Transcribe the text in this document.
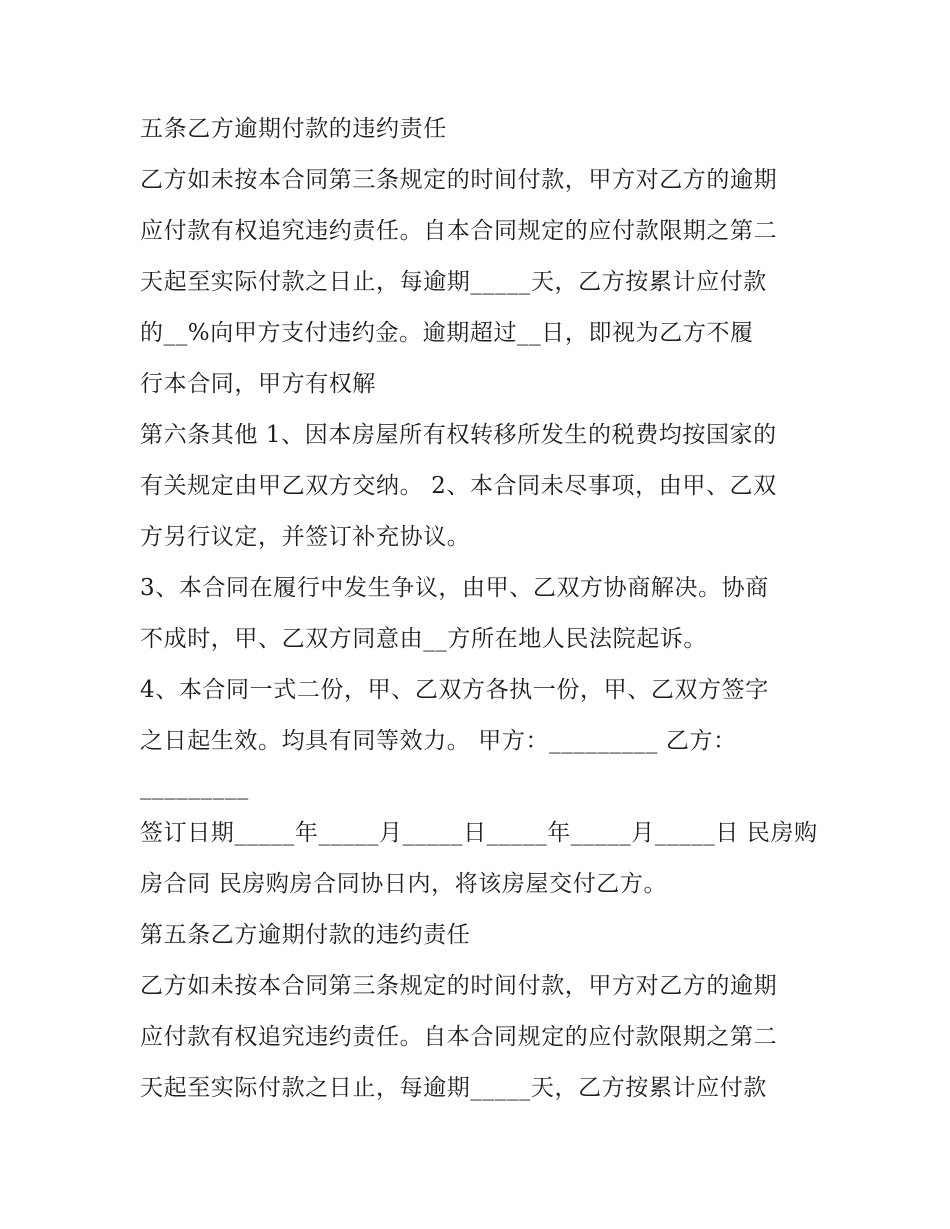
五条乙方逾期付款的违约责任
乙方如未按本合同第三条规定的时间付款，甲方对乙方的逾期
应付款有权追究违约责任。自本合同规定的应付款限期之第二
天起至实际付款之日止，每逾期_____天，乙方按累计应付款
的__%向甲方支付违约金。逾期超过__日，即视为乙方不履
行本合同，甲方有权解
第六条其他 1、因本房屋所有权转移所发生的税费均按国家的
有关规定由甲乙双方交纳。 2、本合同未尽事项，由甲、乙双
方另行议定，并签订补充协议。
3、本合同在履行中发生争议，由甲、乙双方协商解决。协商
不成时，甲、乙双方同意由__方所在地人民法院起诉。
4、本合同一式二份，甲、乙双方各执一份，甲、乙双方签字
之日起生效。均具有同等效力。 甲方：_________ 乙方：
_________
签订日期_____年_____月_____日_____年_____月_____日 民房购
房合同 民房购房合同协日内，将该房屋交付乙方。
第五条乙方逾期付款的违约责任
乙方如未按本合同第三条规定的时间付款，甲方对乙方的逾期
应付款有权追究违约责任。自本合同规定的应付款限期之第二
天起至实际付款之日止，每逾期_____天，乙方按累计应付款
